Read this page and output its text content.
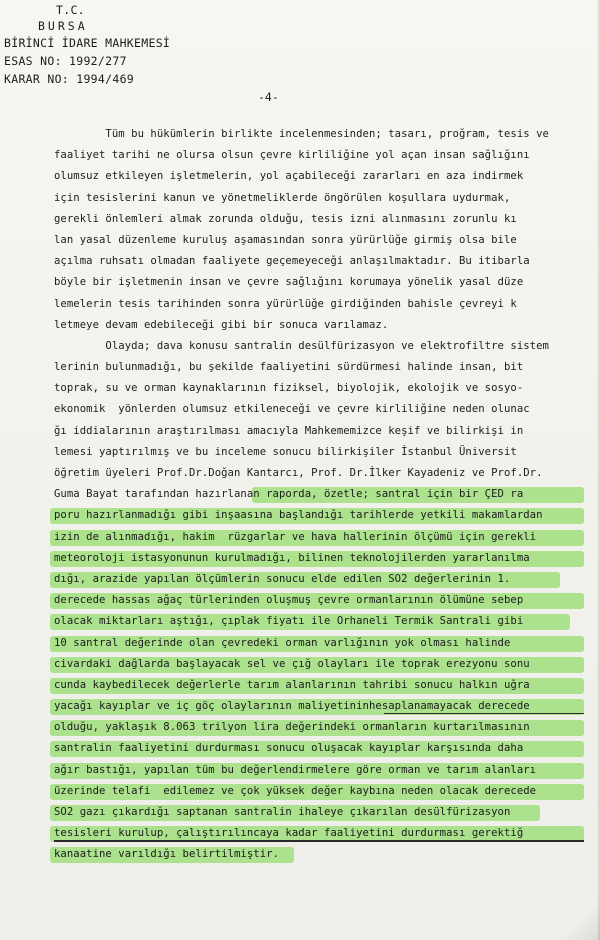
T.C.
BURSA
BİRİNCİ İDARE MAHKEMESİ
ESAS NO: 1992/277
KARAR NO: 1994/469
-4-
Tüm bu hükümlerin birlikte incelenmesinden; tasarı, proğram, tesis ve
faaliyet tarihi ne olursa olsun çevre kirliliğine yol açan insan sağlığını
olumsuz etkileyen işletmelerin, yol açabileceği zararları en aza indirmek
için tesislerini kanun ve yönetmeliklerde öngörülen koşullara uydurmak,
gerekli önlemleri almak zorunda olduğu, tesis izni alınmasını zorunlu kı
lan yasal düzenleme kuruluş aşamasından sonra yürürlüğe girmiş olsa bile
açılma ruhsatı olmadan faaliyete geçemeyeceği anlaşılmaktadır. Bu itibarla
böyle bir işletmenin insan ve çevre sağlığını korumaya yönelik yasal düze
lemelerin tesis tarihinden sonra yürürlüğe girdiğinden bahisle çevreyi k
letmeye devam edebileceği gibi bir sonuca varılamaz.
Olayda; dava konusu santralin desülfürizasyon ve elektrofiltre sistem
lerinin bulunmadığı, bu şekilde faaliyetini sürdürmesi halinde insan, bit
toprak, su ve orman kaynaklarının fiziksel, biyolojik, ekolojik ve sosyo-
ekonomik  yönlerden olumsuz etkileneceği ve çevre kirliliğine neden olunac
ğı iddialarının araştırılması amacıyla Mahkememizce keşif ve bilirkişi in
lemesi yaptırılmış ve bu inceleme sonucu bilirkişiler İstanbul Üniversit
öğretim üyeleri Prof.Dr.Doğan Kantarcı, Prof. Dr.İlker Kayadeniz ve Prof.Dr.
Guma Bayat tarafından hazırlanan raporda, özetle; santral için bir ÇED ra
poru hazırlanmadığı gibi inşaasına başlandığı tarihlerde yetkili makamlardan
izin de alınmadığı, hakim  rüzgarlar ve hava hallerinin ölçümü için gerekli
meteoroloji istasyonunun kurulmadığı, bilinen teknolojilerden yararlanılma
dığı, arazide yapılan ölçümlerin sonucu elde edilen SO2 değerlerinin 1.
derecede hassas ağaç türlerinden oluşmuş çevre ormanlarının ölümüne sebep
olacak miktarları aştığı, çıplak fiyatı ile Orhaneli Termik Santrali gibi
10 santral değerinde olan çevredeki orman varlığının yok olması halinde
civardaki dağlarda başlayacak sel ve çığ olayları ile toprak erezyonu sonu
cunda kaybedilecek değerlerle tarım alanlarının tahribi sonucu halkın uğra
yacağı kayıplar ve iç göç olaylarının maliyetininhesaplanamayacak derecede
olduğu, yaklaşık 8.063 trilyon lira değerindeki ormanların kurtarılmasının
santralin faaliyetini durdurması sonucu oluşacak kayıplar karşısında daha
ağır bastığı, yapılan tüm bu değerlendirmelere göre orman ve tarım alanları
üzerinde telafi  edilemez ve çok yüksek değer kaybına neden olacak derecede
SO2 gazı çıkardığı saptanan santralin ihaleye çıkarılan desülfürizasyon
tesisleri kurulup, çalıştırılıncaya kadar faaliyetini durdurması gerektiğ
kanaatine varıldığı belirtilmiştir.
